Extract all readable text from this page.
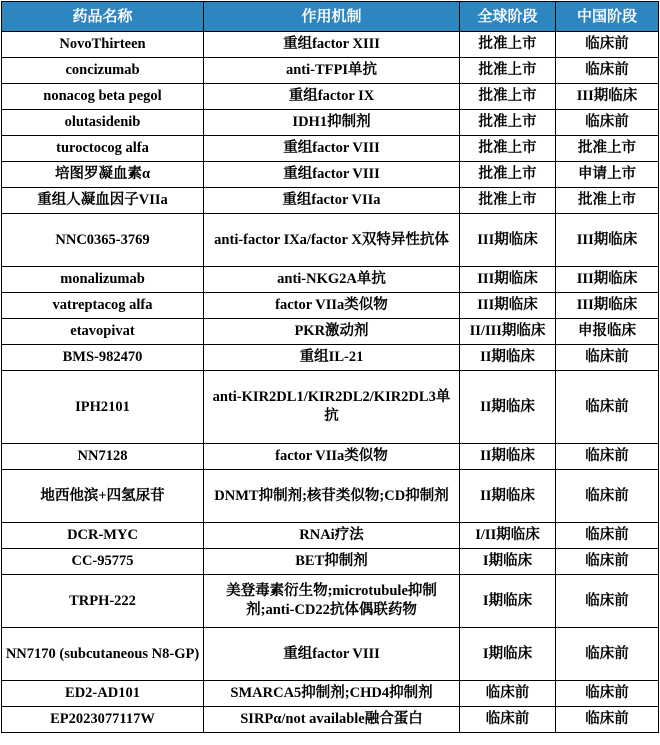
药品名称	作用机制	全球阶段	中国阶段
NovoThirteen	重组factor XIII	批准上市	临床前
concizumab	anti-TFPI单抗	批准上市	临床前
nonacog beta pegol	重组factor IX	批准上市	III期临床
olutasidenib	IDH1抑制剂	批准上市	临床前
turoctocog alfa	重组factor VIII	批准上市	批准上市
培图罗凝血素α	重组factor VIII	批准上市	申请上市
重组人凝血因子VIIa	重组factor VIIa	批准上市	批准上市
NNC0365-3769	anti-factor IXa/factor X双特异性抗体	III期临床	III期临床
monalizumab	anti-NKG2A单抗	III期临床	III期临床
vatreptacog alfa	factor VIIa类似物	III期临床	III期临床
etavopivat	PKR激动剂	II/III期临床	申报临床
BMS-982470	重组IL-21	II期临床	临床前
IPH2101	anti-KIR2DL1/KIR2DL2/KIR2DL3单抗	II期临床	临床前
NN7128	factor VIIa类似物	II期临床	临床前
地西他滨+四氢尿苷	DNMT抑制剂;核苷类似物;CD抑制剂	II期临床	临床前
DCR-MYC	RNAi疗法	I/II期临床	临床前
CC-95775	BET抑制剂	I期临床	临床前
TRPH-222	美登毒素衍生物;microtubule抑制剂;anti-CD22抗体偶联药物	I期临床	临床前
NN7170 (subcutaneous N8-GP)	重组factor VIII	I期临床	临床前
ED2-AD101	SMARCA5抑制剂;CHD4抑制剂	临床前	临床前
EP2023077117W	SIRPα/not available融合蛋白	临床前	临床前
